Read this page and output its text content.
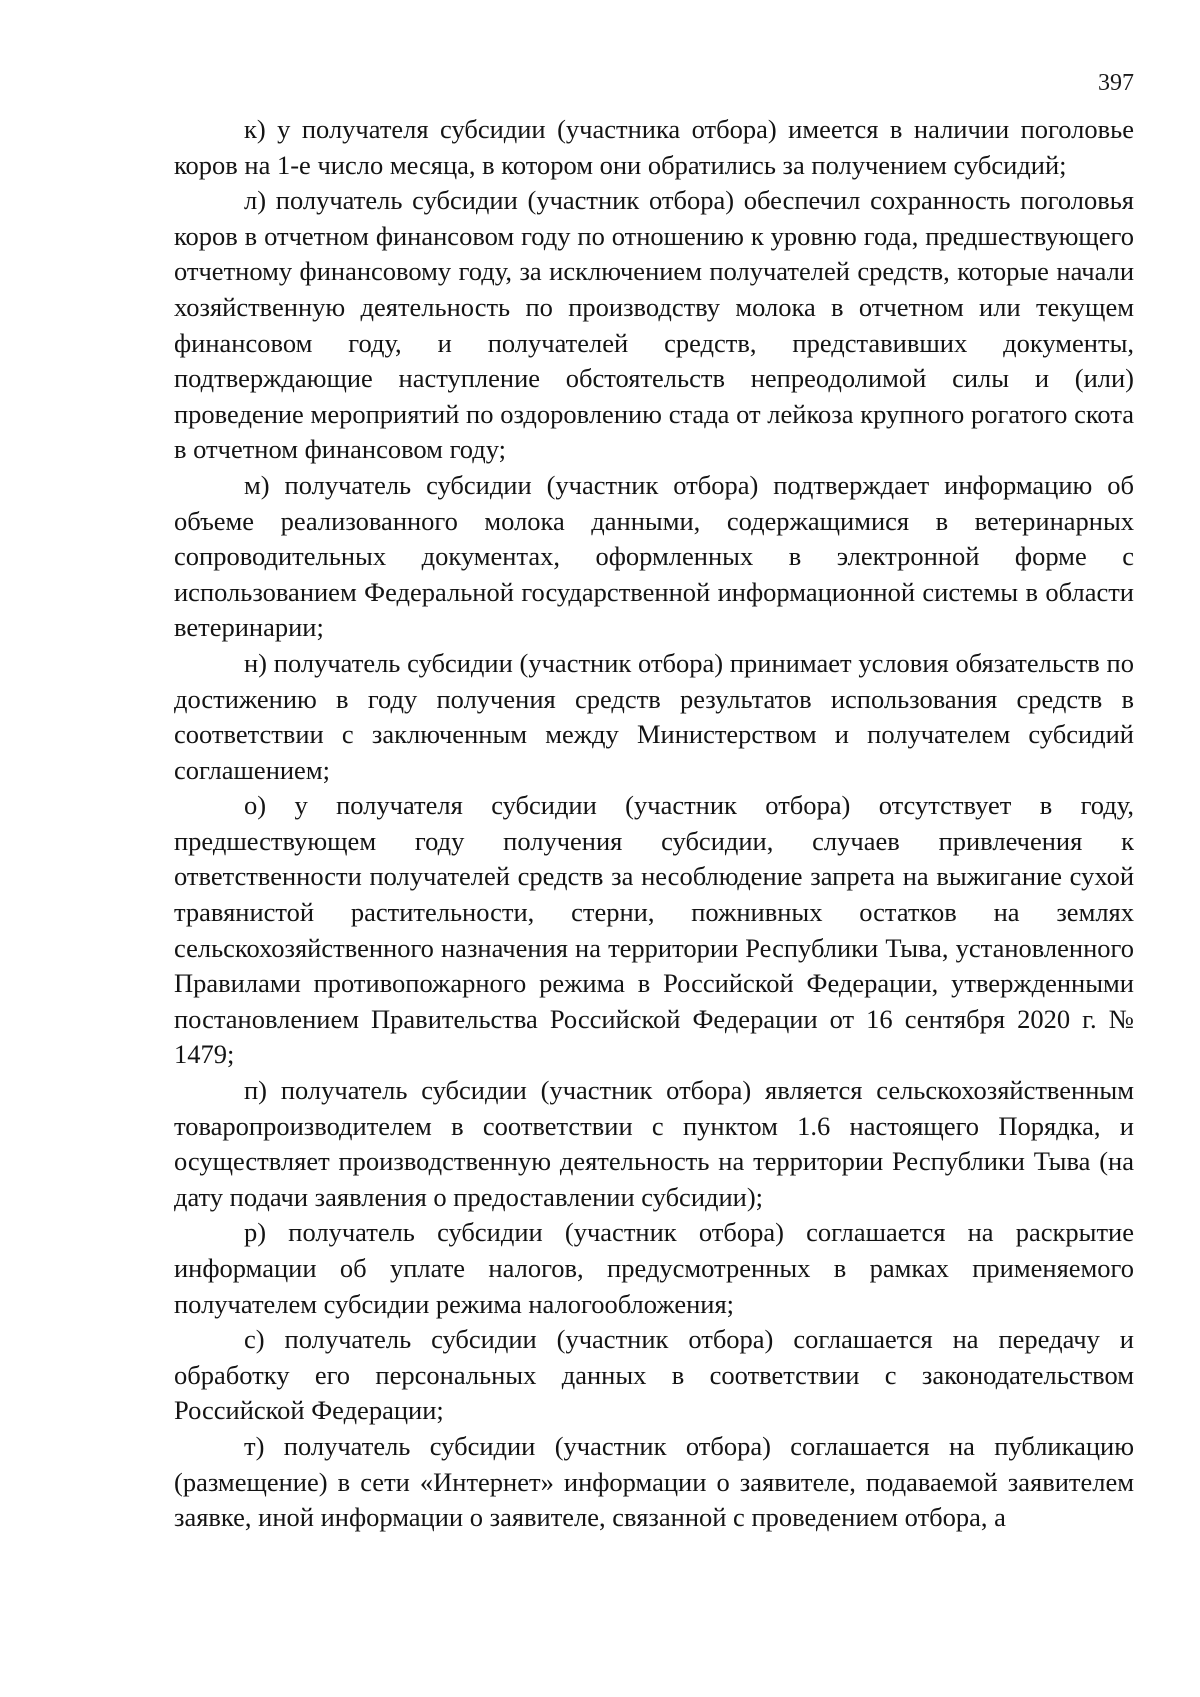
397

к) у получателя субсидии (участника отбора) имеется в наличии поголовье коров на 1-е число месяца, в котором они обратились за получением субсидий;

л) получатель субсидии (участник отбора) обеспечил сохранность поголовья коров в отчетном финансовом году по отношению к уровню года, предшествующего отчетному финансовому году, за исключением получателей средств, которые начали хозяйственную деятельность по производству молока в отчетном или текущем финансовом году, и получателей средств, представивших документы, подтверждающие наступление обстоятельств непреодолимой силы и (или) проведение мероприятий по оздоровлению стада от лейкоза крупного рогатого скота в отчетном финансовом году;

м) получатель субсидии (участник отбора) подтверждает информацию об объеме реализованного молока данными, содержащимися в ветеринарных сопроводительных документах, оформленных в электронной форме с использованием Федеральной государственной информационной системы в области ветеринарии;

н) получатель субсидии (участник отбора) принимает условия обязательств по достижению в году получения средств результатов использования средств в соответствии с заключенным между Министерством и получателем субсидий соглашением;

о) у получателя субсидии (участник отбора) отсутствует в году, предшествующем году получения субсидии, случаев привлечения к ответственности получателей средств за несоблюдение запрета на выжигание сухой травянистой растительности, стерни, пожнивных остатков на землях сельскохозяйственного назначения на территории Республики Тыва, установленного Правилами противопожарного режима в Российской Федерации, утвержденными постановлением Правительства Российской Федерации от 16 сентября 2020 г. № 1479;

п) получатель субсидии (участник отбора) является сельскохозяйственным товаропроизводителем в соответствии с пунктом 1.6 настоящего Порядка, и осуществляет производственную деятельность на территории Республики Тыва (на дату подачи заявления о предоставлении субсидии);

р) получатель субсидии (участник отбора) соглашается на раскрытие информации об уплате налогов, предусмотренных в рамках применяемого получателем субсидии режима налогообложения;

с) получатель субсидии (участник отбора) соглашается на передачу и обработку его персональных данных в соответствии с законодательством Российской Федерации;

т) получатель субсидии (участник отбора) соглашается на публикацию (размещение) в сети «Интернет» информации о заявителе, подаваемой заявителем заявке, иной информации о заявителе, связанной с проведением отбора, а
